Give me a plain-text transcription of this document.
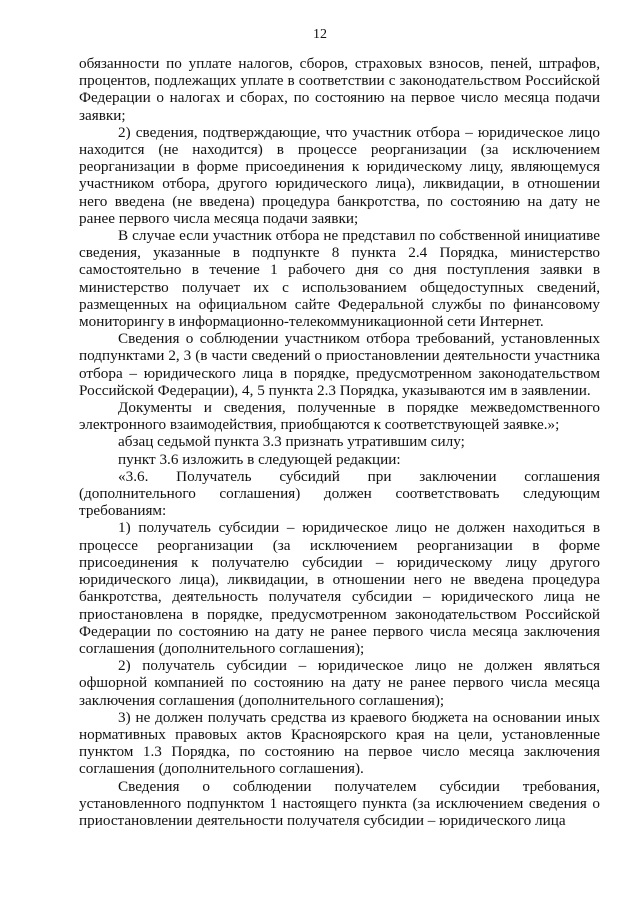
12

обязанности по уплате налогов, сборов, страховых взносов, пеней, штрафов, процентов, подлежащих уплате в соответствии с законодательством Российской Федерации о налогах и сборах, по состоянию на первое число месяца подачи заявки;

2) сведения, подтверждающие, что участник отбора – юридическое лицо находится (не находится) в процессе реорганизации (за исключением реорганизации в форме присоединения к юридическому лицу, являющемуся участником отбора, другого юридического лица), ликвидации, в отношении него введена (не введена) процедура банкротства, по состоянию на дату не ранее первого числа месяца подачи заявки;

В случае если участник отбора не представил по собственной инициативе сведения, указанные в подпункте 8 пункта 2.4 Порядка, министерство самостоятельно в течение 1 рабочего дня со дня поступления заявки в министерство получает их с использованием общедоступных сведений, размещенных на официальном сайте Федеральной службы по финансовому мониторингу в информационно-телекоммуникационной сети Интернет.

Сведения о соблюдении участником отбора требований, установленных подпунктами 2, 3 (в части сведений о приостановлении деятельности участника отбора – юридического лица в порядке, предусмотренном законодательством Российской Федерации), 4, 5 пункта 2.3 Порядка, указываются им в заявлении.

Документы и сведения, полученные в порядке межведомственного электронного взаимодействия, приобщаются к соответствующей заявке.»;

абзац седьмой пункта 3.3 признать утратившим силу;

пункт 3.6 изложить в следующей редакции:

«3.6. Получатель субсидий при заключении соглашения (дополнительного соглашения) должен соответствовать следующим требованиям:

1) получатель субсидии – юридическое лицо не должен находиться в процессе реорганизации (за исключением реорганизации в форме присоединения к получателю субсидии – юридическому лицу другого юридического лица), ликвидации, в отношении него не введена процедура банкротства, деятельность получателя субсидии – юридического лица не приостановлена в порядке, предусмотренном законодательством Российской Федерации по состоянию на дату не ранее первого числа месяца заключения соглашения (дополнительного соглашения);

2) получатель субсидии – юридическое лицо не должен являться офшорной компанией по состоянию на дату не ранее первого числа месяца заключения соглашения (дополнительного соглашения);

3) не должен получать средства из краевого бюджета на основании иных нормативных правовых актов Красноярского края на цели, установленные пунктом 1.3 Порядка, по состоянию на первое число месяца заключения соглашения (дополнительного соглашения).

Сведения о соблюдении получателем субсидии требования, установленного подпунктом 1 настоящего пункта (за исключением сведения о приостановлении деятельности получателя субсидии – юридического лица
